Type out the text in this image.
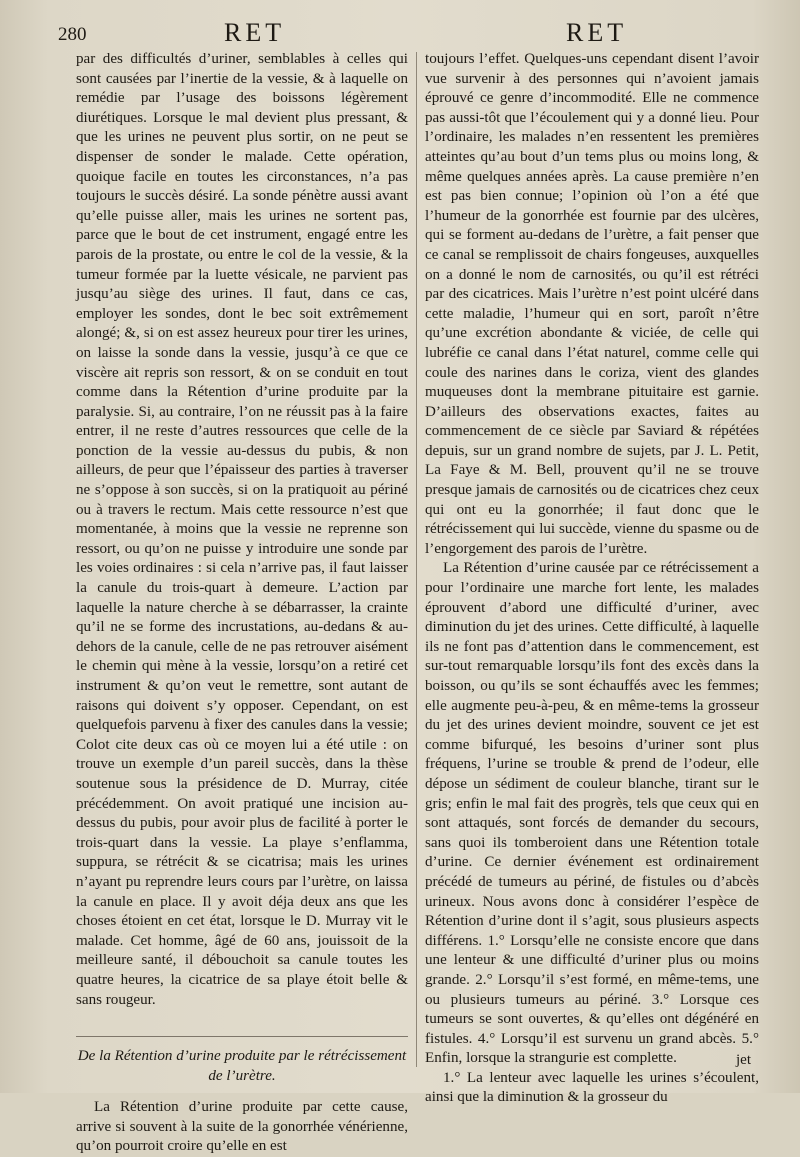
280	RET	RET

par des difficultés d’uriner, semblables à celles qui sont causées par l’inertie de la vessie, & à laquelle on remédie par l’usage des boissons légèrement diurétiques. Lorsque le mal devient plus pressant, & que les urines ne peuvent plus sortir, on ne peut se dispenser de sonder le malade. Cette opération, quoique facile en toutes les circonstances, n’a pas toujours le succès désiré. La sonde pénètre aussi avant qu’elle puisse aller, mais les urines ne sortent pas, parce que le bout de cet instrument, engagé entre les parois de la prostate, ou entre le col de la vessie, & la tumeur formée par la luette vésicale, ne parvient pas jusqu’au siège des urines. Il faut, dans ce cas, employer les sondes, dont le bec soit extrêmement alongé; &, si on est assez heureux pour tirer les urines, on laisse la sonde dans la vessie, jusqu’à ce que ce viscère ait repris son ressort, & on se conduit en tout comme dans la Rétention d’urine produite par la paralysie. Si, au contraire, l’on ne réussit pas à la faire entrer, il ne reste d’autres ressources que celle de la ponction de la vessie au-dessus du pubis, & non ailleurs, de peur que l’épaisseur des parties à traverser ne s’oppose à son succès, si on la pratiquoit au périné ou à travers le rectum. Mais cette ressource n’est que momentanée, à moins que la vessie ne reprenne son ressort, ou qu’on ne puisse y introduire une sonde par les voies ordinaires : si cela n’arrive pas, il faut laisser la canule du trois-quart à demeure. L’action par laquelle la nature cherche à se débarrasser, la crainte qu’il ne se forme des incrustations, au-dedans & au-dehors de la canule, celle de ne pas retrouver aisément le chemin qui mène à la vessie, lorsqu’on a retiré cet instrument & qu’on veut le remettre, sont autant de raisons qui doivent s’y opposer. Cependant, on est quelquefois parvenu à fixer des canules dans la vessie; Colot cite deux cas où ce moyen lui a été utile : on trouve un exemple d’un pareil succès, dans la thèse soutenue sous la présidence de D. Murray, citée précédemment. On avoit pratiqué une incision au-dessus du pubis, pour avoir plus de facilité à porter le trois-quart dans la vessie. La playe s’enflamma, suppura, se rétrécit & se cicatrisa; mais les urines n’ayant pu reprendre leurs cours par l’urètre, on laissa la canule en place. Il y avoit déja deux ans que les choses étoient en cet état, lorsque le D. Murray vit le malade. Cet homme, âgé de 60 ans, jouissoit de la meilleure santé, il débouchoit sa canule toutes les quatre heures, la cicatrice de sa playe étoit belle & sans rougeur.

De la Rétention d’urine produite par le rétrécissement de l’urètre.

La Rétention d’urine produite par cette cause, arrive si souvent à la suite de la gonorrhée vénérienne, qu’on pourroit croire qu’elle en est

toujours l’effet. Quelques-uns cependant disent l’avoir vue survenir à des personnes qui n’avoient jamais éprouvé ce genre d’incommodité. Elle ne commence pas aussi-tôt que l’écoulement qui y a donné lieu. Pour l’ordinaire, les malades n’en ressentent les premières atteintes qu’au bout d’un tems plus ou moins long, & même quelques années après. La cause première n’en est pas bien connue; l’opinion où l’on a été que l’humeur de la gonorrhée est fournie par des ulcères, qui se forment au-dedans de l’urètre, a fait penser que ce canal se remplissoit de chairs fongeuses, auxquelles on a donné le nom de carnosités, ou qu’il est rétréci par des cicatrices. Mais l’urètre n’est point ulcéré dans cette maladie, l’humeur qui en sort, paroît n’être qu’une excrétion abondante & viciée, de celle qui lubréfie ce canal dans l’état naturel, comme celle qui coule des narines dans le coriza, vient des glandes muqueuses dont la membrane pituitaire est garnie. D’ailleurs des observations exactes, faites au commencement de ce siècle par Saviard & répétées depuis, sur un grand nombre de sujets, par J. L. Petit, La Faye & M. Bell, prouvent qu’il ne se trouve presque jamais de carnosités ou de cicatrices chez ceux qui ont eu la gonorrhée; il faut donc que le rétrécissement qui lui succède, vienne du spasme ou de l’engorgement des parois de l’urètre.

La Rétention d’urine causée par ce rétrécissement a pour l’ordinaire une marche fort lente, les malades éprouvent d’abord une difficulté d’uriner, avec diminution du jet des urines. Cette difficulté, à laquelle ils ne font pas d’attention dans le commencement, est sur-tout remarquable lorsqu’ils font des excès dans la boisson, ou qu’ils se sont échauffés avec les femmes; elle augmente peu-à-peu, & en même-tems la grosseur du jet des urines devient moindre, souvent ce jet est comme bifurqué, les besoins d’uriner sont plus fréquens, l’urine se trouble & prend de l’odeur, elle dépose un sédiment de couleur blanche, tirant sur le gris; enfin le mal fait des progrès, tels que ceux qui en sont attaqués, sont forcés de demander du secours, sans quoi ils tomberoient dans une Rétention totale d’urine. Ce dernier événement est ordinairement précédé de tumeurs au périné, de fistules ou d’abcès urineux. Nous avons donc à considérer l’espèce de Rétention d’urine dont il s’agit, sous plusieurs aspects différens. 1.° Lorsqu’elle ne consiste encore que dans une lenteur & une difficulté d’uriner plus ou moins grande. 2.° Lorsqu’il s’est formé, en même-tems, une ou plusieurs tumeurs au périné. 3.° Lorsque ces tumeurs se sont ouvertes, & qu’elles ont dégénéré en fistules. 4.° Lorsqu’il est survenu un grand abcès. 5.° Enfin, lorsque la strangurie est complette.

1.° La lenteur avec laquelle les urines s’écoulent, ainsi que la diminution & la grosseur du

jet
